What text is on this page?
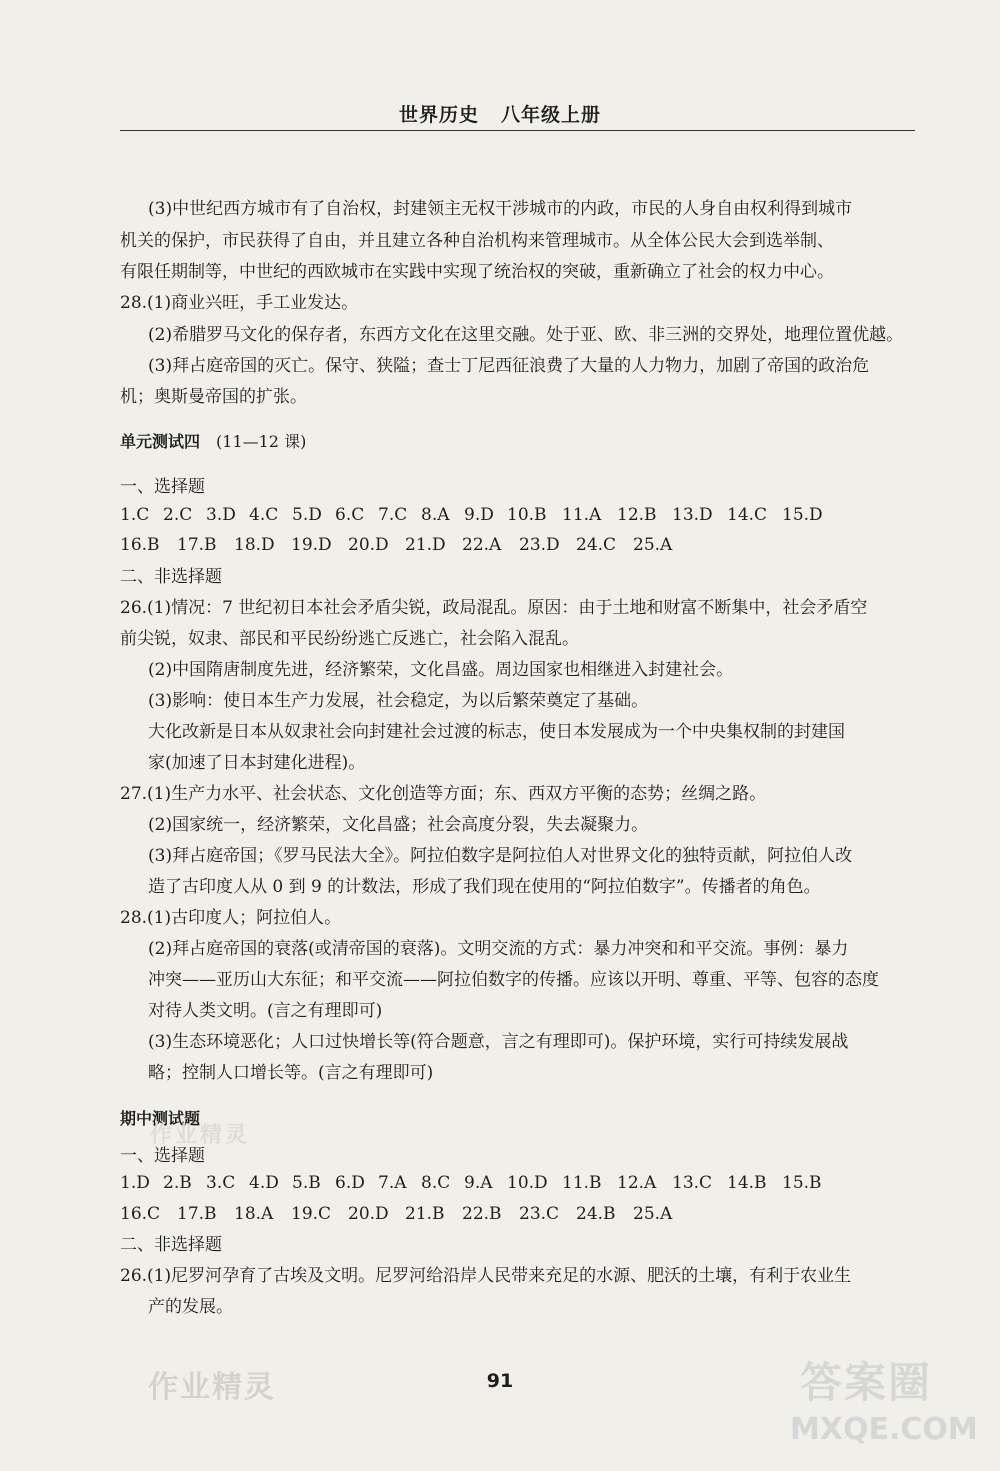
世界历史 八年级上册
(3)中世纪西方城市有了自治权，封建领主无权干涉城市的内政，市民的人身自由权利得到城市
机关的保护，市民获得了自由，并且建立各种自治机构来管理城市。从全体公民大会到选举制、
有限任期制等，中世纪的西欧城市在实践中实现了统治权的突破，重新确立了社会的权力中心。
28.(1)商业兴旺，手工业发达。
(2)希腊罗马文化的保存者，东西方文化在这里交融。处于亚、欧、非三洲的交界处，地理位置优越。
(3)拜占庭帝国的灭亡。保守、狭隘；查士丁尼西征浪费了大量的人力物力，加剧了帝国的政治危
机；奥斯曼帝国的扩张。
单元测试四 (11—12 课)
一、选择题
1.C 2.C 3.D 4.C 5.D 6.C 7.C 8.A 9.D 10.B 11.A 12.B 13.D 14.C 15.D
16.B 17.B 18.D 19.D 20.D 21.D 22.A 23.D 24.C 25.A
二、非选择题
26.(1)情况：7 世纪初日本社会矛盾尖锐，政局混乱。原因：由于土地和财富不断集中，社会矛盾空
前尖锐，奴隶、部民和平民纷纷逃亡反逃亡，社会陷入混乱。
(2)中国隋唐制度先进，经济繁荣，文化昌盛。周边国家也相继进入封建社会。
(3)影响：使日本生产力发展，社会稳定，为以后繁荣奠定了基础。
大化改新是日本从奴隶社会向封建社会过渡的标志，使日本发展成为一个中央集权制的封建国
家(加速了日本封建化进程)。
27.(1)生产力水平、社会状态、文化创造等方面；东、西双方平衡的态势；丝绸之路。
(2)国家统一，经济繁荣，文化昌盛；社会高度分裂，失去凝聚力。
(3)拜占庭帝国；《罗马民法大全》。阿拉伯数字是阿拉伯人对世界文化的独特贡献，阿拉伯人改
造了古印度人从 0 到 9 的计数法，形成了我们现在使用的“阿拉伯数字”。传播者的角色。
28.(1)古印度人；阿拉伯人。
(2)拜占庭帝国的衰落(或清帝国的衰落)。文明交流的方式：暴力冲突和和平交流。事例：暴力
冲突——亚历山大东征；和平交流——阿拉伯数字的传播。应该以开明、尊重、平等、包容的态度
对待人类文明。(言之有理即可)
(3)生态环境恶化；人口过快增长等(符合题意，言之有理即可)。保护环境，实行可持续发展战
略；控制人口增长等。(言之有理即可)
期中测试题
一、选择题
1.D 2.B 3.C 4.D 5.B 6.D 7.A 8.C 9.A 10.D 11.B 12.A 13.C 14.B 15.B
16.C 17.B 18.A 19.C 20.D 21.B 22.B 23.C 24.B 25.A
二、非选择题
26.(1)尼罗河孕育了古埃及文明。尼罗河给沿岸人民带来充足的水源、肥沃的土壤，有利于农业生
产的发展。
作业精灵
91
作业精灵	答案圈
MXQE.COM
